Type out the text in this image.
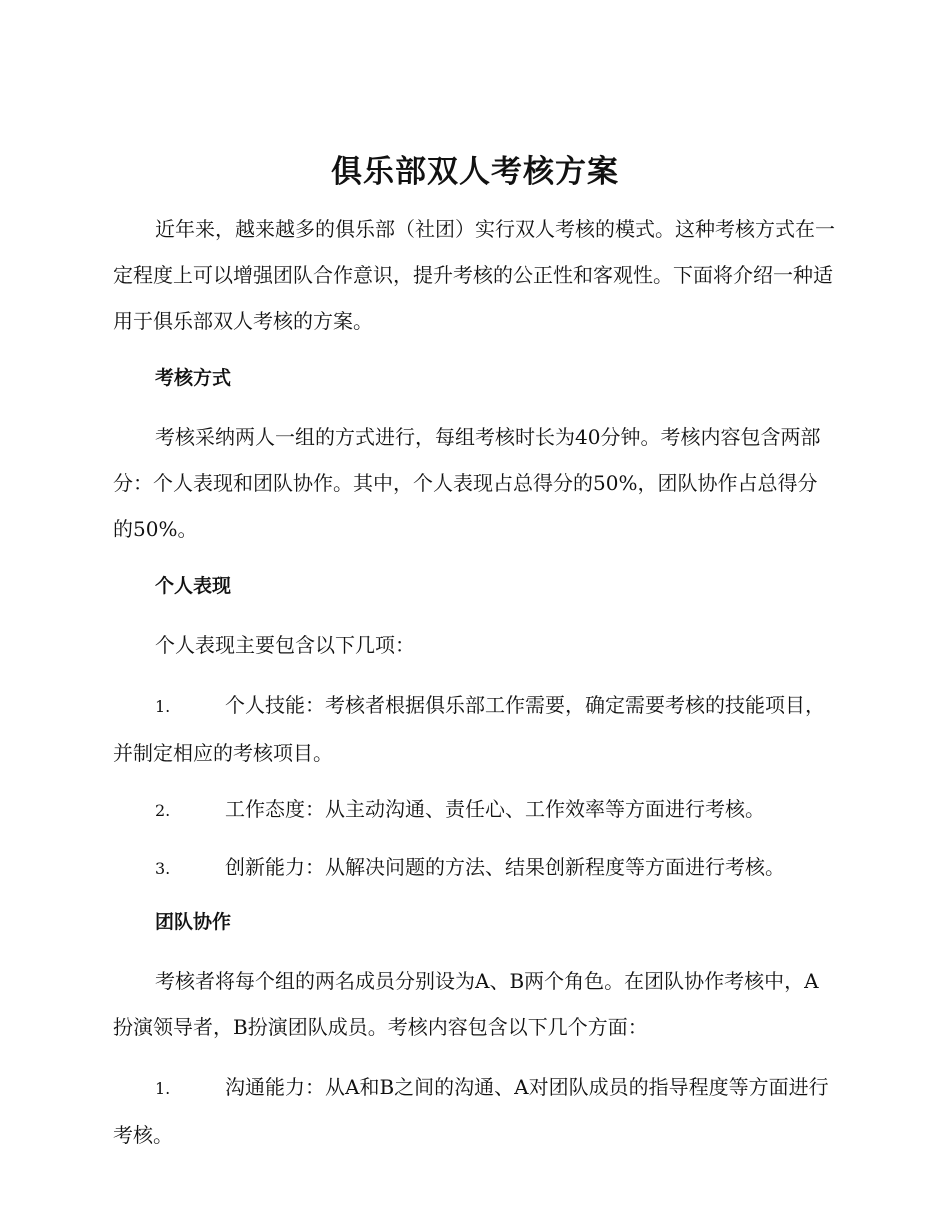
俱乐部双人考核方案

近年来，越来越多的俱乐部（社团）实行双人考核的模式。这种考核方式在一定程度上可以增强团队合作意识，提升考核的公正性和客观性。下面将介绍一种适用于俱乐部双人考核的方案。

考核方式

考核采纳两人一组的方式进行，每组考核时长为40分钟。考核内容包含两部分：个人表现和团队协作。其中，个人表现占总得分的50%，团队协作占总得分的50%。

个人表现

个人表现主要包含以下几项：

1.	个人技能：考核者根据俱乐部工作需要，确定需要考核的技能项目，并制定相应的考核项目。
2.	工作态度：从主动沟通、责任心、工作效率等方面进行考核。
3.	创新能力：从解决问题的方法、结果创新程度等方面进行考核。
团队协作

考核者将每个组的两名成员分别设为A、B两个角色。在团队协作考核中，A扮演领导者，B扮演团队成员。考核内容包含以下几个方面：

1.	沟通能力：从A和B之间的沟通、A对团队成员的指导程度等方面进行考核。
